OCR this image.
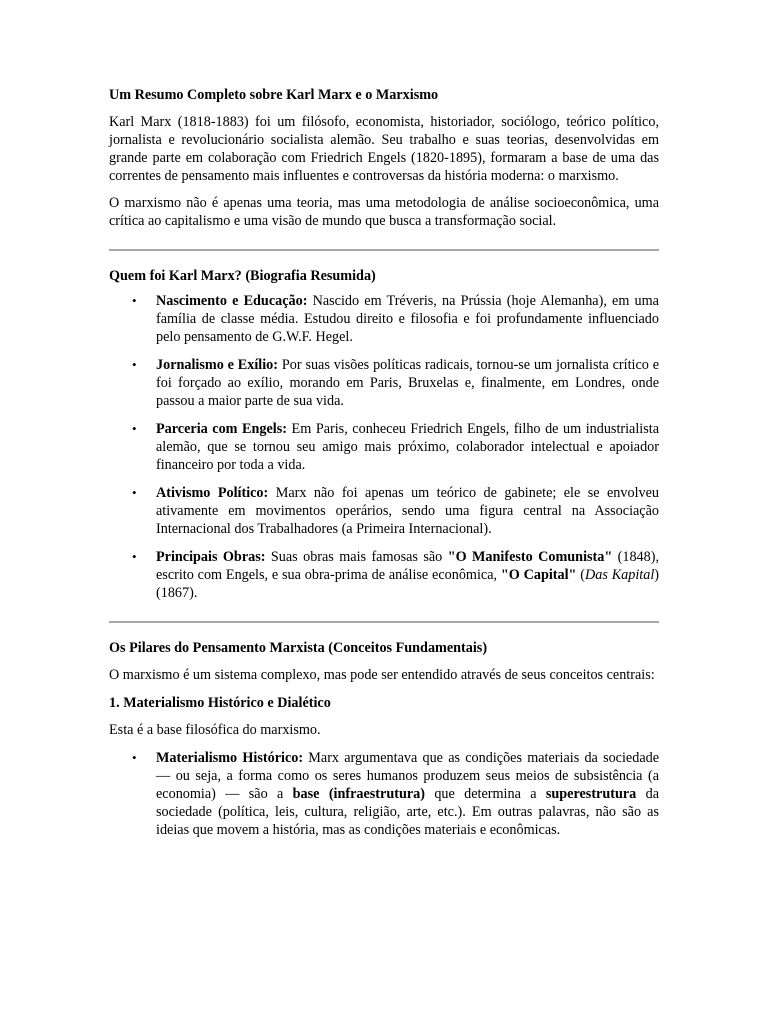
Um Resumo Completo sobre Karl Marx e o Marxismo

Karl Marx (1818-1883) foi um filósofo, economista, historiador, sociólogo, teórico político, jornalista e revolucionário socialista alemão. Seu trabalho e suas teorias, desenvolvidas em grande parte em colaboração com Friedrich Engels (1820-1895), formaram a base de uma das correntes de pensamento mais influentes e controversas da história moderna: o marxismo.

O marxismo não é apenas uma teoria, mas uma metodologia de análise socioeconômica, uma crítica ao capitalismo e uma visão de mundo que busca a transformação social.

Quem foi Karl Marx? (Biografia Resumida)
• Nascimento e Educação: Nascido em Tréveris, na Prússia (hoje Alemanha), em uma família de classe média. Estudou direito e filosofia e foi profundamente influenciado pelo pensamento de G.W.F. Hegel.
• Jornalismo e Exílio: Por suas visões políticas radicais, tornou-se um jornalista crítico e foi forçado ao exílio, morando em Paris, Bruxelas e, finalmente, em Londres, onde passou a maior parte de sua vida.
• Parceria com Engels: Em Paris, conheceu Friedrich Engels, filho de um industrialista alemão, que se tornou seu amigo mais próximo, colaborador intelectual e apoiador financeiro por toda a vida.
• Ativismo Político: Marx não foi apenas um teórico de gabinete; ele se envolveu ativamente em movimentos operários, sendo uma figura central na Associação Internacional dos Trabalhadores (a Primeira Internacional).
• Principais Obras: Suas obras mais famosas são "O Manifesto Comunista" (1848), escrito com Engels, e sua obra-prima de análise econômica, "O Capital" (Das Kapital) (1867).
Os Pilares do Pensamento Marxista (Conceitos Fundamentais)

O marxismo é um sistema complexo, mas pode ser entendido através de seus conceitos centrais:

1. Materialismo Histórico e Dialético

Esta é a base filosófica do marxismo.

• Materialismo Histórico: Marx argumentava que as condições materiais da sociedade — ou seja, a forma como os seres humanos produzem seus meios de subsistência (a economia) — são a base (infraestrutura) que determina a superestrutura da sociedade (política, leis, cultura, religião, arte, etc.). Em outras palavras, não são as ideias que movem a história, mas as condições materiais e econômicas.
